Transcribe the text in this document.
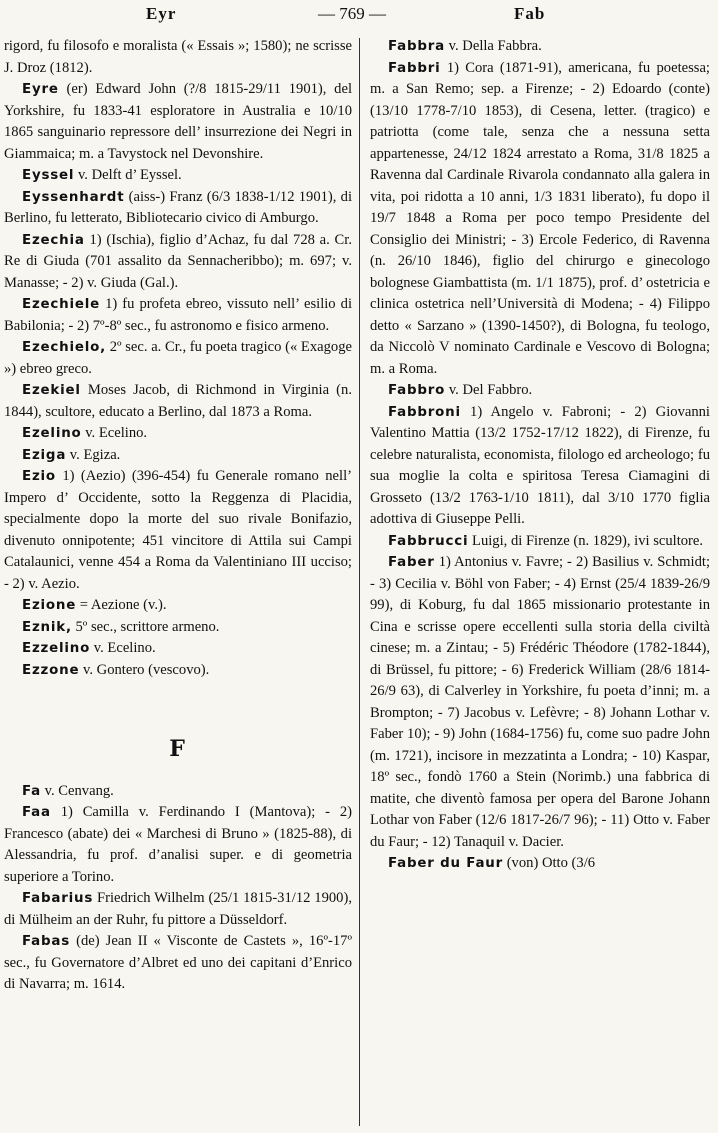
Eyr	— 769 —	Fab

rigord, fu filosofo e moralista (« Essais »; 1580); ne scrisse J. Droz (1812).

Eyre (er) Edward John (?/8 1815-29/11 1901), del Yorkshire, fu 1833-41 esploratore in Australia e 10/10 1865 sanguinario repressore dell’ insurrezione dei Negri in Giammaica; m. a Tavystock nel Devonshire.

Eyssel v. Delft d’ Eyssel.

Eyssenhardt (aiss-) Franz (6/3 1838-1/12 1901), di Berlino, fu letterato, Bibliotecario civico di Amburgo.

Ezechia 1) (Ischia), figlio d’Achaz, fu dal 728 a. Cr. Re di Giuda (701 assalito da Sennacheribbo); m. 697; v. Manasse; - 2) v. Giuda (Gal.).

Ezechiele 1) fu profeta ebreo, vissuto nell’ esilio di Babilonia; - 2) 7º-8º sec., fu astronomo e fisico armeno.

Ezechielo, 2º sec. a. Cr., fu poeta tragico (« Exagoge ») ebreo greco.

Ezekiel Moses Jacob, di Richmond in Virginia (n. 1844), scultore, educato a Berlino, dal 1873 a Roma.

Ezelino v. Ecelino.

Eziga v. Egiza.

Ezio 1) (Aezio) (396-454) fu Generale romano nell’ Impero d’ Occidente, sotto la Reggenza di Placidia, specialmente dopo la morte del suo rivale Bonifazio, divenuto onnipotente; 451 vincitore di Attila sui Campi Catalaunici, venne 454 a Roma da Valentiniano III ucciso; - 2) v. Aezio.

Ezione = Aezione (v.).

Eznik, 5º sec., scrittore armeno.

Ezzelino v. Ecelino.

Ezzone v. Gontero (vescovo).

F

Fa v. Cenvang.

Faa 1) Camilla v. Ferdinando I (Mantova); - 2) Francesco (abate) dei « Marchesi di Bruno » (1825-88), di Alessandria, fu prof. d’analisi super. e di geometria superiore a Torino.

Fabarius Friedrich Wilhelm (25/1 1815-31/12 1900), di Mülheim an der Ruhr, fu pittore a Düsseldorf.

Fabas (de) Jean II « Visconte de Castets », 16º-17º sec., fu Governatore d’Albret ed uno dei capitani d’Enrico di Navarra; m. 1614.

Fabbra v. Della Fabbra.

Fabbri 1) Cora (1871-91), americana, fu poetessa; m. a San Remo; sep. a Firenze; - 2) Edoardo (conte) (13/10 1778-7/10 1853), di Cesena, letter. (tragico) e patriotta (come tale, senza che a nessuna setta appartenesse, 24/12 1824 arrestato a Roma, 31/8 1825 a Ravenna dal Cardinale Rivarola condannato alla galera in vita, poi ridotta a 10 anni, 1/3 1831 liberato), fu dopo il 19/7 1848 a Roma per poco tempo Presidente del Consiglio dei Ministri; - 3) Ercole Federico, di Ravenna (n. 26/10 1846), figlio del chirurgo e ginecologo bolognese Giambattista (m. 1/1 1875), prof. d’ ostetricia e clinica ostetrica nell’Università di Modena; - 4) Filippo detto « Sarzano » (1390-1450?), di Bologna, fu teologo, da Niccolò V nominato Cardinale e Vescovo di Bologna; m. a Roma.

Fabbro v. Del Fabbro.

Fabbroni 1) Angelo v. Fabroni; - 2) Giovanni Valentino Mattia (13/2 1752-17/12 1822), di Firenze, fu celebre naturalista, economista, filologo ed archeologo; fu sua moglie la colta e spiritosa Teresa Ciamagini di Grosseto (13/2 1763-1/10 1811), dal 3/10 1770 figlia adottiva di Giuseppe Pelli.

Fabbrucci Luigi, di Firenze (n. 1829), ivi scultore.

Faber 1) Antonius v. Favre; - 2) Basilius v. Schmidt; - 3) Cecilia v. Böhl von Faber; - 4) Ernst (25/4 1839-26/9 99), di Koburg, fu dal 1865 missionario protestante in Cina e scrisse opere eccellenti sulla storia della civiltà cinese; m. a Zintau; - 5) Frédéric Théodore (1782-1844), di Brüssel, fu pittore; - 6) Frederick William (28/6 1814-26/9 63), di Calverley in Yorkshire, fu poeta d’inni; m. a Brompton; - 7) Jacobus v. Lefèvre; - 8) Johann Lothar v. Faber 10); - 9) John (1684-1756) fu, come suo padre John (m. 1721), incisore in mezzatinta a Londra; - 10) Kaspar, 18º sec., fondò 1760 a Stein (Norimb.) una fabbrica di matite, che diventò famosa per opera del Barone Johann Lothar von Faber (12/6 1817-26/7 96); - 11) Otto v. Faber du Faur; - 12) Tanaquil v. Dacier.

Faber du Faur (von) Otto (3/6
